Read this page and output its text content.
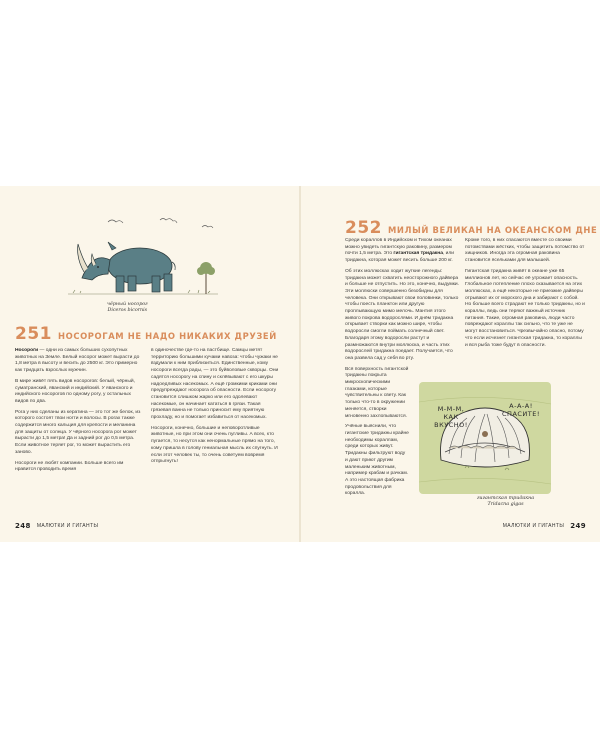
чёрный носорог
Diceros bicornis
251 НОСОРОГАМ НЕ НАДО НИКАКИХ ДРУЗЕЙ

Носороги — одни из самых больших сухопутных животных на Земле. Белый носорог может вырасти до 1,8 метра в высоту и весить до 2500 кг. Это примерно как тридцать взрослых мужчин.

В мире живёт пять видов носорогов: белый, чёрный, суматранский, яванский и индийский. У яванского и индийского носорогов по одному рогу, у остальных видов по два.

Рога у них сделаны из кератина — это тот же белок, из которого состоят твои ногти и волосы. В рогах также содержится много кальция для крепости и меланина для защиты от солнца. У чёрного носорога рог может вырасти до 1,5 метра! Да и задний рог до 0,5 метра. Если животное теряет рог, то может вырастить его заново.

Носороги не любят компании. Больше всего им нравится проводить время

в одиночестве где-то на пастбище. Самцы метят территорию большими кучами навоза: чтобы чужаки не вздумали к ним приблизиться. Единственные, кому носороги всегда рады, — это буйволовые скворцы. Они садятся носорогу на спину и склёвывают с его шкуры надоедливых насекомых. А ещё громкими криками они предупреждают носорога об опасности. Если носорогу становится слишком жарко или его одолевают насекомые, он начинает кататься в грязи. Такая грязевая ванна не только приносит ему приятную прохладу, но и помогает избавиться от насекомых.

Носороги, конечно, большие и неповоротливые животные, но при этом они очень пугливы. А всех, кто пугается, то несутся как ненормальные прямо на того, кому пришла в голову гениальная мысль их спугнуть. И если этот человек ты, то очень советуем вовремя отпрыгнуть!

248 МАЛЮТКИ И ГИГАНТЫ
252 МИЛЫЙ ВЕЛИКАН НА ОКЕАНСКОМ ДНЕ

Среди кораллов в Индийском и Тихом океанах можно увидеть гигантскую раковину, размером почти 1,5 метра. Это гигантская тридакна, или тридакна, которая может весить больше 200 кг.

Об этих моллюсках ходит жуткие легенды: тридакна может схватить неосторожного дайвера и больше не отпустить. Но это, конечно, выдумки. Эти моллюски совершенно безобидны для человека. Они открывают свои половинки, только чтобы поесть планктон или другую проплывающую мимо мелочь. Мантия этого живого покрова водорослями. И днём тридакна открывает створки как можно шире, чтобы водоросли смогли поймать солнечный свет. Благодаря этому водоросли растут и размножаются внутри моллюска, и часть этих водорослей тридакна поедает. Получается, что она развела сад у себя во рту.

Вся поверхность гигантской тридакны покрыта микроскопическими глазками, которые чувствительны к свету. Как только что-то в окружении меняется, створки мгновенно захлопываются.

Учёные выяснили, что гигантские тридакны крайне необходимы кораллам, среди которых живут. Тридакны фильтруют воду и дают приют другим маленьким животным, например крабам и рачкам. А это настоящая фабрика продовольствия для коралла.

Кроме того, в них спасаются вместе со своими потомствами жёстких, чтобы защитить потомство от хищников. Иногда эта огромная раковина становится ясельками для малышей.

Гигантская тридакна живёт в океане уже 65 миллионов лет, но сейчас её угрожает опасность. Глобальное потепление плохо сказывается на этих моллюсках, а ещё некоторые не приезжие дайверы отрывают их от морского дна и забирают с собой. Но больше всего страдают не только тридакны, но и кораллы, ведь они теряют важный источник питания. Такие, огромная раковина, люди часто повреждают кораллы так сильно, что те уже не могут восстановиться. Чрезвычайно опасно, потому что если исчезнет гигантская тридакна, то кораллы и вся рыба тоже будут в опасности.

М-М-М, КАК ВКУСНО!
А-А-А! СПАСИТЕ!
гигантская тридакна
Tridacna gigas
МАЛЮТКИ И ГИГАНТЫ 249
